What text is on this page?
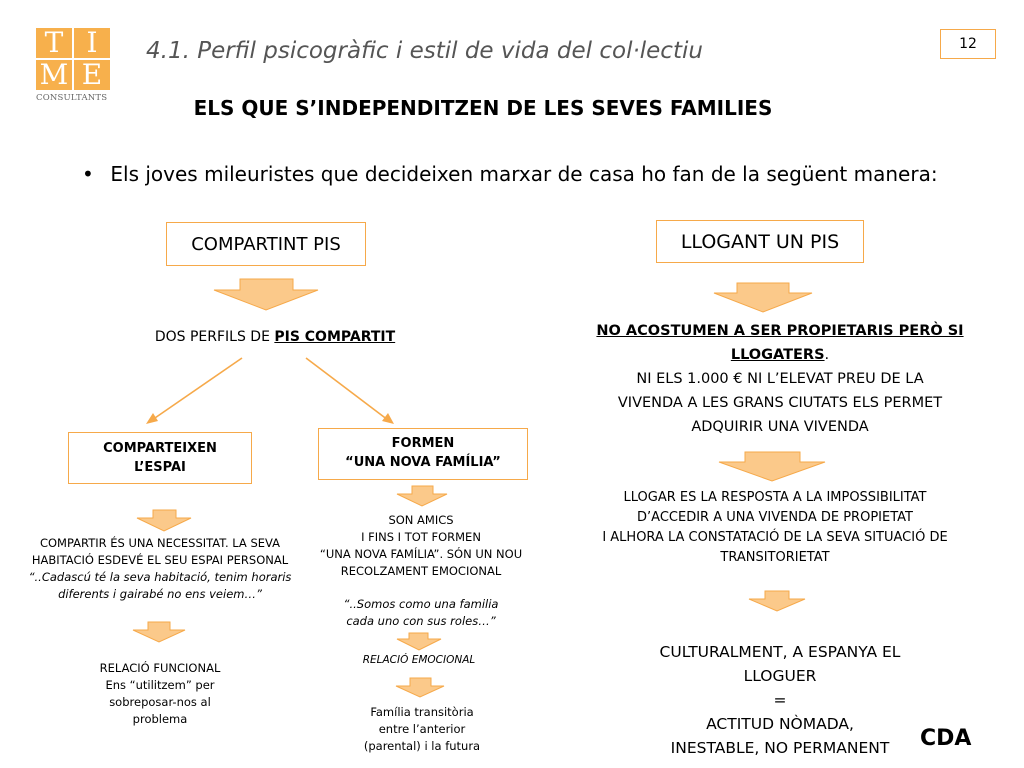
T I
M E
CONSULTANTS
4.1. Perfil psicogràfic i estil de vida del col·lectiu	12
ELS QUE S’INDEPENDITZEN DE LES SEVES FAMILIES
• Els joves mileuristes que decideixen marxar de casa ho fan de la següent manera:
COMPARTINT PIS
DOS PERFILS DE PIS COMPARTIT
COMPARTEIXEN
L’ESPAI
FORMEN
“UNA NOVA FAMÍLIA”
COMPARTIR ÉS UNA NECESSITAT. LA SEVA
HABITACIÓ ESDEVÉ EL SEU ESPAI PERSONAL
“..Cadascú té la seva habitació, tenim horaris
diferents i gairabé no ens veiem…”
RELACIÓ FUNCIONAL
Ens “utilitzem” per
sobreposar-nos al
problema
SON AMICS
I FINS I TOT FORMEN
“UNA NOVA FAMÍLIA”. SÓN UN NOU
RECOLZAMENT EMOCIONAL
“..Somos como una familia
cada uno con sus roles…”
RELACIÓ EMOCIONAL
Família transitòria
entre l’anterior
(parental) i la futura
LLOGANT UN PIS
NO ACOSTUMEN A SER PROPIETARIS PERÒ SI
LLOGATERS.
NI ELS 1.000 € NI L’ELEVAT PREU DE LA
VIVENDA A LES GRANS CIUTATS ELS PERMET
ADQUIRIR UNA VIVENDA
LLOGAR ES LA RESPOSTA A LA IMPOSSIBILITAT
D’ACCEDIR A UNA VIVENDA DE PROPIETAT
I ALHORA LA CONSTATACIÓ DE LA SEVA SITUACIÓ DE
TRANSITORIETAT
CULTURALMENT, A ESPANYA EL
LLOGUER
=
ACTITUD NÒMADA,
INESTABLE, NO PERMANENT	CDA
